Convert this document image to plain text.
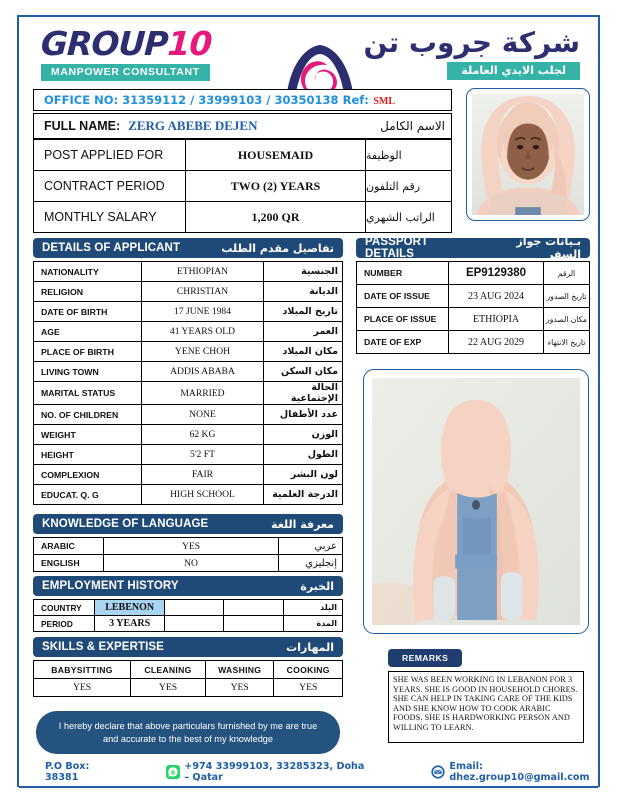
GROUP10
MANPOWER CONSULTANT
شركة جروب تن
لجلب الايدي العاملة
OFFICE NO: 31359112 / 33999103 / 30350138 Ref: SML
FULL NAME: ZERG ABEBE DEJEN	الاسم الكامل
POST APPLIED FOR	HOUSEMAID	الوظيفة
CONTRACT PERIOD	TWO (2) YEARS	رقم التلفون
MONTHLY SALARY	1,200 QR	الراتب الشهري
DETAILS OF APPLICANT	تفاصيل مقدم الطلب
NATIONALITY	ETHIOPIAN	الجنسية
RELIGION	CHRISTIAN	الديانة
DATE OF BIRTH	17 JUNE 1984	تاريخ الميلاد
AGE	41 YEARS OLD	العمر
PLACE OF BIRTH	YENE CHOH	مكان الميلاد
LIVING TOWN	ADDIS ABABA	مكان السكن
MARITAL STATUS	MARRIED	الحالة الإجتماعية
NO. OF CHILDREN	NONE	عدد الأطفال
WEIGHT	62 KG	الوزن
HEIGHT	5'2 FT	الطول
COMPLEXION	FAIR	لون البشر
EDUCAT. Q. G	HIGH SCHOOL	الدرجة العلمية
PASSPORT DETAILS
بـيانات جواز السفر
NUMBER	EP9129380	الرقم
DATE OF ISSUE	23 AUG 2024	تاريخ الصدور
PLACE OF ISSUE	ETHIOPIA	مكان الصدور
DATE OF EXP	22 AUG 2029	تاريخ الانتهاء
KNOWLEDGE OF LANGUAGE	معرفة اللغة
ARABIC	YES	عربي
ENGLISH	NO	إنجليزي
EMPLOYMENT HISTORY	الخبرة
COUNTRY	LEBENON			البلد
PERIOD	3 YEARS			المدة
SKILLS & EXPERTISE	المهارات
BABYSITTING	CLEANING	WASHING	COOKING
YES	YES	YES	YES
I hereby declare that above particulars furnished by me are true and accurate to the best of my knowledge
REMARKS

SHE WAS BEEN WORKING IN LEBANON FOR 3 YEARS. SHE IS GOOD IN HOUSEHOLD CHORES. SHE CAN HELP IN TAKING CARE OF THE KIDS AND SHE KNOW HOW TO COOK ARABIC FOODS. SHE IS HARDWORKING PERSON AND WILLING TO LEARN.

P.O Box: 38381	B
+974 33999103, 33285323, Doha – Qatar
Email: dhez.group10@gmail.com
